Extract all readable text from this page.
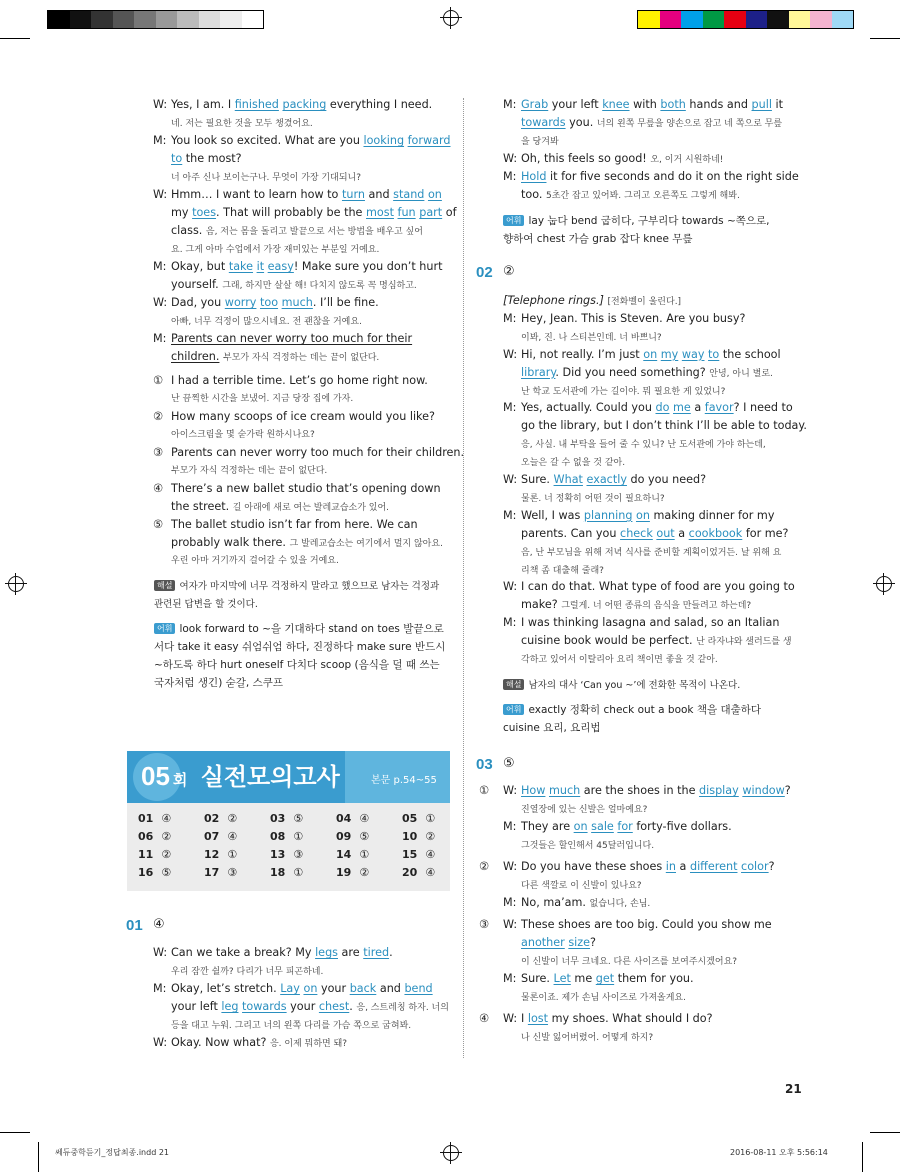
W: Yes, I am. I finished packing everything I need.
네. 저는 필요한 것을 모두 챙겼어요.
M: You look so excited. What are you looking forward
to the most?
너 아주 신나 보이는구나. 무엇이 가장 기대되니?
W: Hmm… I want to learn how to turn and stand on
my toes. That will probably be the most fun part of
class. 음, 저는 몸을 돌리고 발끝으로 서는 방법을 배우고 싶어
요. 그게 아마 수업에서 가장 재미있는 부분일 거예요.
M: Okay, but take it easy! Make sure you don’t hurt
yourself. 그래, 하지만 살살 해! 다치지 않도록 꼭 명심하고.
W: Dad, you worry too much. I’ll be fine.
아빠, 너무 걱정이 많으시네요. 전 괜찮을 거예요.
M: Parents can never worry too much for their
children. 부모가 자식 걱정하는 데는 끝이 없단다.
① I had a terrible time. Let’s go home right now.
난 끔찍한 시간을 보냈어. 지금 당장 집에 가자.
② How many scoops of ice cream would you like?
아이스크림을 몇 숟가락 원하시나요?
③ Parents can never worry too much for their children.
부모가 자식 걱정하는 데는 끝이 없단다.
④ There’s a new ballet studio that’s opening down
the street. 길 아래에 새로 여는 발레교습소가 있어.
⑤ The ballet studio isn’t far from here. We can
probably walk there. 그 발레교습소는 여기에서 멀지 않아요.
우린 아마 거기까지 걸어갈 수 있을 거예요.
해설 여자가 마지막에 너무 걱정하지 말라고 했으므로 남자는 걱정과
관련된 답변을 할 것이다.
어휘 look forward to ~을 기대하다 stand on toes 발끝으로
서다 take it easy 쉬엄쉬엄 하다, 진정하다 make sure 반드시
~하도록 하다 hurt oneself 다치다 scoop (음식을 덜 때 쓰는
국자처럼 생긴) 숟갈, 스쿠프
05 회 실전모의고사	본문 p.54~55
01 ④	02 ②	03 ⑤	04 ④	05 ①
06 ②	07 ④	08 ①	09 ⑤	10 ②
11 ②	12 ①	13 ③	14 ①	15 ④
16 ⑤	17 ③	18 ①	19 ②	20 ④
01 ④
W: Can we take a break? My legs are tired.
우리 잠깐 쉴까? 다리가 너무 피곤하네.
M: Okay, let’s stretch. Lay on your back and bend
your left leg towards your chest. 응, 스트레칭 하자. 너의
등을 대고 누워. 그리고 너의 왼쪽 다리를 가슴 쪽으로 굽혀봐.
W: Okay. Now what? 응. 이제 뭐하면 돼?
M: Grab your left knee with both hands and pull it
towards you. 너의 왼쪽 무릎을 양손으로 잡고 네 쪽으로 무릎
을 당겨봐
W: Oh, this feels so good! 오, 이거 시원하네!
M: Hold it for five seconds and do it on the right side
too. 5초간 잡고 있어봐. 그리고 오른쪽도 그렇게 해봐.
어휘 lay 눕다 bend 굽히다, 구부리다 towards ~쪽으로,
향하여 chest 가슴 grab 잡다 knee 무릎
02 ②
[Telephone rings.] [전화벨이 울린다.]
M: Hey, Jean. This is Steven. Are you busy?
이봐, 진. 나 스티븐인데. 너 바쁘니?
W: Hi, not really. I’m just on my way to the school
library. Did you need something? 안녕, 아니 별로.
난 학교 도서관에 가는 길이야. 뭐 필요한 게 있었니?
M: Yes, actually. Could you do me a favor? I need to
go the library, but I don’t think I’ll be able to today.
응, 사실. 내 부탁을 들어 줄 수 있니? 난 도서관에 가야 하는데,
오늘은 갈 수 없을 것 같아.
W: Sure. What exactly do you need?
물론. 너 정확히 어떤 것이 필요하니?
M: Well, I was planning on making dinner for my
parents. Can you check out a cookbook for me?
음, 난 부모님을 위해 저녁 식사를 준비할 계획이었거든. 날 위해 요
리책 좀 대출해 줄래?
W: I can do that. What type of food are you going to
make? 그럴게. 너 어떤 종류의 음식을 만들려고 하는데?
M: I was thinking lasagna and salad, so an Italian
cuisine book would be perfect. 난 라자냐와 샐러드를 생
각하고 있어서 이탈리아 요리 책이면 좋을 것 같아.
해설 남자의 대사 ‘Can you ~’에 전화한 목적이 나온다.
어휘 exactly 정확히 check out a book 책을 대출하다
cuisine 요리, 요리법
03 ⑤
① W: How much are the shoes in the display window?
진열장에 있는 신발은 얼마예요?
M: They are on sale for forty-five dollars.
그것들은 할인해서 45달러입니다.
② W: Do you have these shoes in a different color?
다른 색깔로 이 신발이 있나요?
M: No, ma’am. 없습니다, 손님.
③ W: These shoes are too big. Could you show me
another size?
이 신발이 너무 크네요. 다른 사이즈를 보여주시겠어요?
M: Sure. Let me get them for you.
물론이죠. 제가 손님 사이즈로 가져올게요.
④ W: I lost my shoes. What should I do?
나 신발 잃어버렸어. 어떻게 하지?
21
쎄듀중학듣기_정답최종.indd 21	2016-08-11 오후 5:56:14
